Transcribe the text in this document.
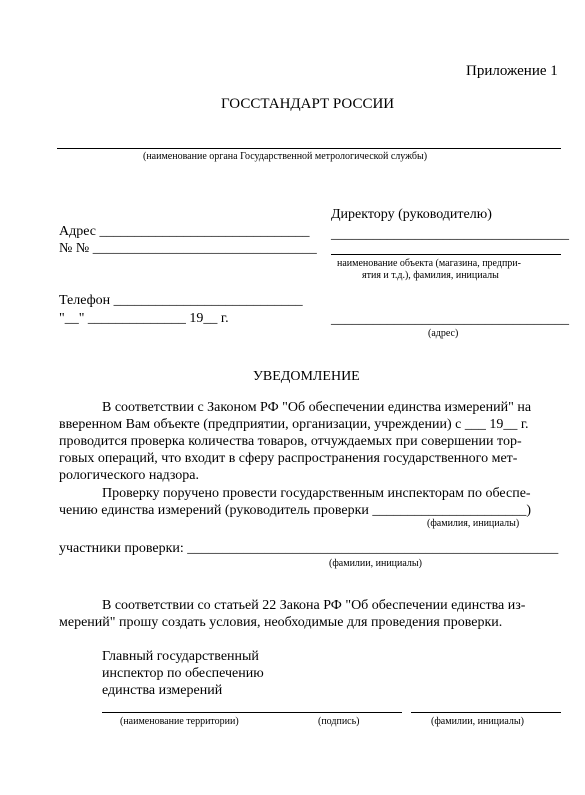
Приложение 1
ГОССТАНДАРТ РОССИИ
(наименование органа Государственной метрологической службы)
Адрес ______________________________
№ № ________________________________
Телефон ___________________________
"__" ______________ 19__ г.
Директору (руководителю)
__________________________________
наименование объекта (магазина, предпри-
ятия и т.д.), фамилия, инициалы
__________________________________
(адрес)
УВЕДОМЛЕНИЕ
В соответствии с Законом РФ "Об обеспечении единства измерений" на
вверенном Вам объекте (предприятии, организации, учреждении) с ___ 19__ г.
проводится проверка количества товаров, отчуждаемых при совершении тор-
говых операций, что входит в сферу распространения государственного мет-
рологического надзора.
Проверку поручено провести государственным инспекторам по обеспе-
чению единства измерений (руководитель проверки ______________________)
(фамилия, инициалы)
участники проверки: _____________________________________________________
(фамилии, инициалы)
В соответствии со статьей 22 Закона РФ "Об обеспечении единства из-
мерений" прошу создать условия, необходимые для проведения проверки.
Главный государственный
инспектор по обеспечению
единства измерений
(наименование территории)	(подпись)	(фамилии, инициалы)
